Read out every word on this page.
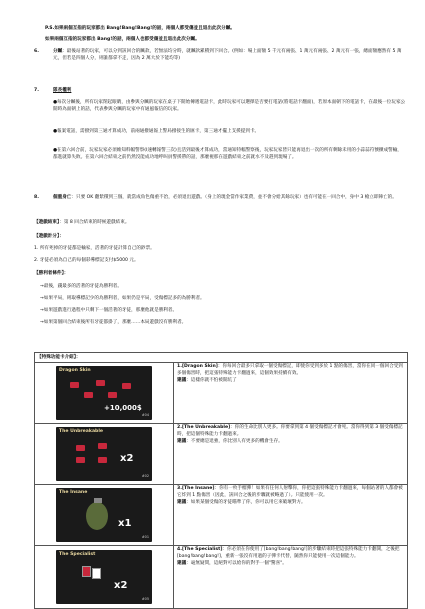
P.S.如果兩個互指的玩家都出 Bang!Bang!Bang!的話，兩個人都受傷並且退出此次分贓。

如果兩個互指的玩家都出 Bang!的話，兩個人也都受傷並且退出此次分贓。

6.	分贓：最後站著的玩家，可以分到該回合的贓款，若無法均分時，就贓款累積到下回合。(例如：場上面額 5 千元有兩張、1 萬元有兩張、2 萬元有一張，總面額應然有 5 萬元，但若是四個人分，則誰都拿不走，因為 2 萬大於下能均等)

7.	隊長權利

●每次分贓後，所有玩家閉起眼睛，由參與分贓的玩家在桌子下開始傳遞電話卡，此時玩家可以選擇是否要打電話(將電話卡翻面)，若原本面朝下的電話卡，在最後一位玩家公開時為面朝上的話，代表參與分贓的玩家中有通風報信的玩家。

●報案電話，需撥到第三通才算成功，前兩通撥通報上警局撥接生的匯卡，第三通才擺上支援提到卡。

●在第六回合前，玩家玩家必須維知料幅警察(I速轉報警三次)且活到最後才算成功，當通知特幅警察後，玩家玩家皆只能再退出一次的所有剩餘未用的小蒜蒜符號擴成警輸，都進就算失敗。在第六回合結束之前仍然沒能成功地呼叫員警援帶的話，那麼視那在遊戲結束之前就水不及趕到現場了。

8.	個重身亡：只要 OK 翻紫積到三個，就當成角色傷重不治，必須退出遊戲。（身上的現金當作家業費，並不會分給其餘玩家）也有可能在一回合中，身中 3 槍立即陣亡的。

【遊戲結束】：第 8 回合結束的時候遊戲結束。

【遊戲計分】：

1. 所有死掉的牙徒都是輸家，活著的牙徒計算自己的鈔票。

2. 牙徒必須為自己的每個彩導標記支付$5000 元。

【勝利者條件】：

→最後，錢最多的活著的牙徒為勝利者。

→如果平局，則取導標記少的為勝利者，如果仍是平局，受傷標記多的為勝利者。

→如果遊戲進行過程中只剩下一個活著的牙徒，那麼他就是勝利者。

→如果第個回合結束後所有牙徒都掛了，那麼……本局遊戲沒有勝利者。

【特殊功能卡介紹】：
Dragon Skin
+10,000$
#04
1.[Dragon Skin]：你每回合最多只拿取一個受傷標記，即使你受到多於 1 點的傷害，當你在同一個回合受到多個傷害時，把這張特殊能力卡翻過來，這個效果持續有效。
建議：這樣你就不怕被開坑了
The Unbreakable
x2
#02
2.[The Unbreakable]：你的生命比別人更多。你要拿到第 4 個受傷標記才會死。當你得到第 3 個受傷標記時，把這個特殊能力卡翻過來。
建議：不要總是逞強，你比別人有更多的機會生存。
The Insane
x1
#01
3.[The Insane]：你有一枚手榴彈！如果有任何人射擊你，你把這張特殊能力卡翻過來，每個站著的人都會被它炸到 1 點傷害（因此，該回合之後的步驟就被略過了）。只能使用一次。
建議：如果某個受傷的牙徒瞄準了你，你可以用它來破壞對方。
The Specialist
x2
#05
4.[The Specialist]：你必須在你使用了[bang!bang!bang!]的步驟結束時把這張特殊能力卡翻開，之後把[bang!bang!bang!]，重新一張沒有用過的子彈卡代替，隨然你只能使用一次這個能力。
建議：毫無疑問，這絕對可以給你的對手一個"驚喜"。
